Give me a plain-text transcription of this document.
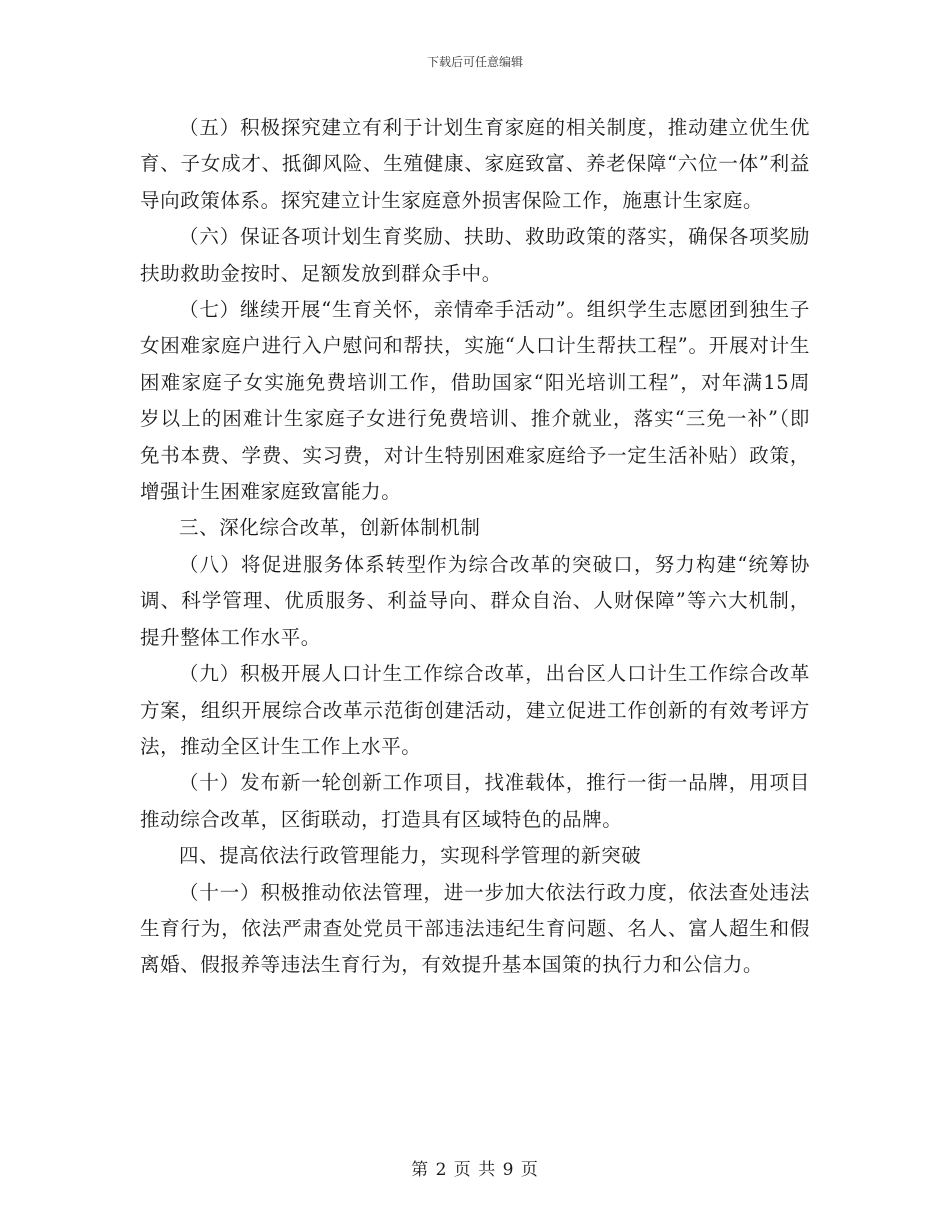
下载后可任意编辑

（五）积极探究建立有利于计划生育家庭的相关制度，推动建立优生优育、子女成才、抵御风险、生殖健康、家庭致富、养老保障“六位一体”利益导向政策体系。探究建立计生家庭意外损害保险工作，施惠计生家庭。

（六）保证各项计划生育奖励、扶助、救助政策的落实，确保各项奖励扶助救助金按时、足额发放到群众手中。

（七）继续开展“生育关怀，亲情牵手活动”。组织学生志愿团到独生子女困难家庭户进行入户慰问和帮扶，实施“人口计生帮扶工程”。开展对计生困难家庭子女实施免费培训工作，借助国家“阳光培训工程”，对年满15周岁以上的困难计生家庭子女进行免费培训、推介就业，落实“三免一补”（即免书本费、学费、实习费，对计生特别困难家庭给予一定生活补贴）政策，增强计生困难家庭致富能力。

三、深化综合改革，创新体制机制

（八）将促进服务体系转型作为综合改革的突破口，努力构建“统筹协调、科学管理、优质服务、利益导向、群众自治、人财保障”等六大机制，提升整体工作水平。

（九）积极开展人口计生工作综合改革，出台区人口计生工作综合改革方案，组织开展综合改革示范街创建活动，建立促进工作创新的有效考评方法，推动全区计生工作上水平。

（十）发布新一轮创新工作项目，找准载体，推行一街一品牌，用项目推动综合改革，区街联动，打造具有区域特色的品牌。

四、提高依法行政管理能力，实现科学管理的新突破

（十一）积极推动依法管理，进一步加大依法行政力度，依法查处违法生育行为，依法严肃查处党员干部违法违纪生育问题、名人、富人超生和假离婚、假报养等违法生育行为，有效提升基本国策的执行力和公信力。

第 2 页 共 9 页
